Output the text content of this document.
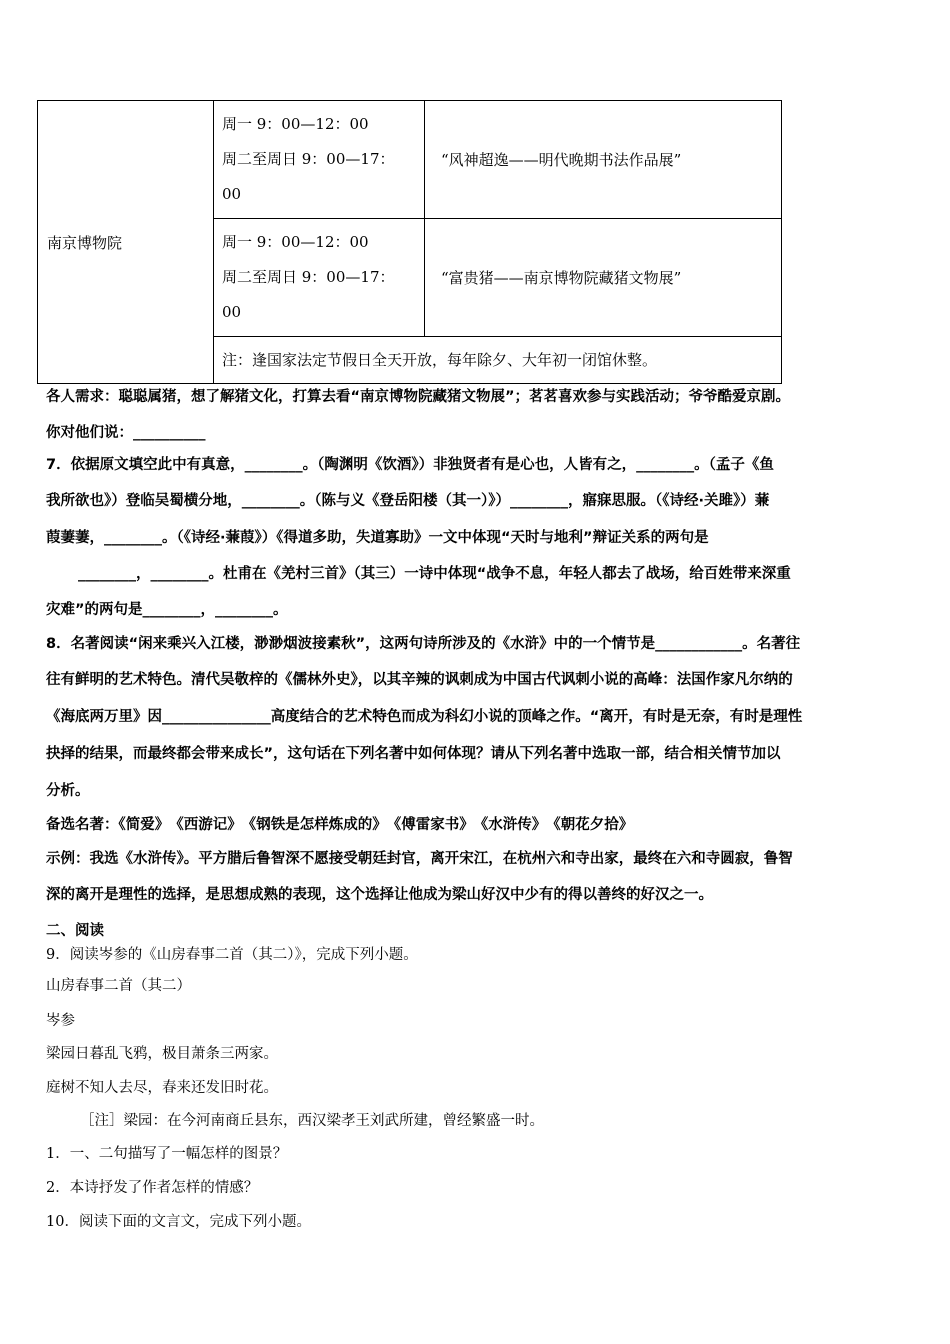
南京博物院	周一 9：00—12：00
周二至周日 9：00—17：
00	“风神超逸——明代晚期书法作品展”

	周一 9：00—12：00
周二至周日 9：00—17：
00	“富贵猪——南京博物院藏猪文物展”
	注：逢国家法定节假日全天开放，每年除夕、大年初一闭馆休整。	
各人需求：聪聪属猪，想了解猪文化，打算去看“南京博物院藏猪文物展”；茗茗喜欢参与实践活动；爷爷酷爱京剧。
你对他们说：__________
7．依据原文填空此中有真意，________。（陶渊明《饮酒》）非独贤者有是心也，人皆有之，________。（孟子《鱼
我所欲也》）登临吴蜀横分地，________。（陈与义《登岳阳楼（其一）》）________，寤寐思服。（《诗经·关雎》）蒹
葭萋萋，________。（《诗经·蒹葭》）《得道多助，失道寡助》一文中体现“天时与地利”辩证关系的两句是
________，________。杜甫在《羌村三首》（其三）一诗中体现“战争不息，年轻人都去了战场，给百姓带来深重
灾难”的两句是________，________。
8．名著阅读“闲来乘兴入江楼，渺渺烟波接素秋”，这两句诗所涉及的《水浒》中的一个情节是____________。名著往
往有鲜明的艺术特色。清代吴敬梓的《儒林外史》，以其辛辣的讽刺成为中国古代讽刺小说的高峰：法国作家凡尔纳的
《海底两万里》因_______________高度结合的艺术特色而成为科幻小说的顶峰之作。“离开，有时是无奈，有时是理性
抉择的结果，而最终都会带来成长”，这句话在下列名著中如何体现？请从下列名著中选取一部，结合相关情节加以
分析。
备选名著：《简爱》　《西游记》　《钢铁是怎样炼成的》　《傅雷家书》　《水浒传》　《朝花夕拾》
示例：我选《水浒传》。平方腊后鲁智深不愿接受朝廷封官，离开宋江，在杭州六和寺出家，最终在六和寺圆寂，鲁智
深的离开是理性的选择，是思想成熟的表现，这个选择让他成为梁山好汉中少有的得以善终的好汉之一。
二、阅读
9．阅读岑参的《山房春事二首（其二）》，完成下列小题。
山房春事二首（其二）
岑参
梁园日暮乱飞鸦，极目萧条三两家。
庭树不知人去尽，春来还发旧时花。
［注］梁园：在今河南商丘县东，西汉梁孝王刘武所建，曾经繁盛一时。
1．一、二句描写了一幅怎样的图景？
2．本诗抒发了作者怎样的情感？
10．阅读下面的文言文，完成下列小题。
